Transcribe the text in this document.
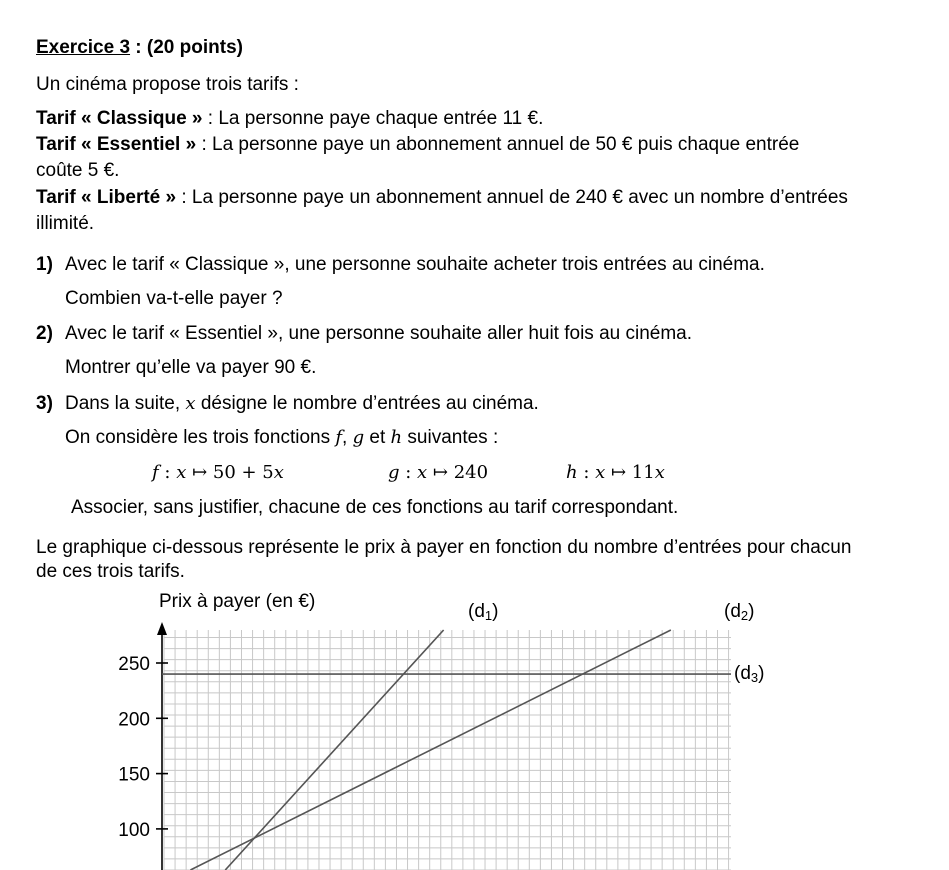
Exercice 3 : (20 points)
Un cinéma propose trois tarifs :
Tarif « Classique » : La personne paye chaque entrée 11 €.
Tarif « Essentiel » : La personne paye un abonnement annuel de 50 € puis chaque entrée
coûte 5 €.
Tarif « Liberté » : La personne paye un abonnement annuel de 240 € avec un nombre d’entrées
illimité.
1) Avec le tarif « Classique », une personne souhaite acheter trois entrées au cinéma.
Combien va-t-elle payer ?
2) Avec le tarif « Essentiel », une personne souhaite aller huit fois au cinéma.
Montrer qu’elle va payer 90 €.
3) Dans la suite, x désigne le nombre d’entrées au cinéma.
On considère les trois fonctions f, g et h suivantes :
f : x ↦ 50 + 5x	g : x ↦ 240	h : x ↦ 11x
Associer, sans justifier, chacune de ces fonctions au tarif correspondant.
Le graphique ci-dessous représente le prix à payer en fonction du nombre d’entrées pour chacun
de ces trois tarifs.
250
200
150
100
Prix à payer (en €)	(d1)	(d2)
(d3)
